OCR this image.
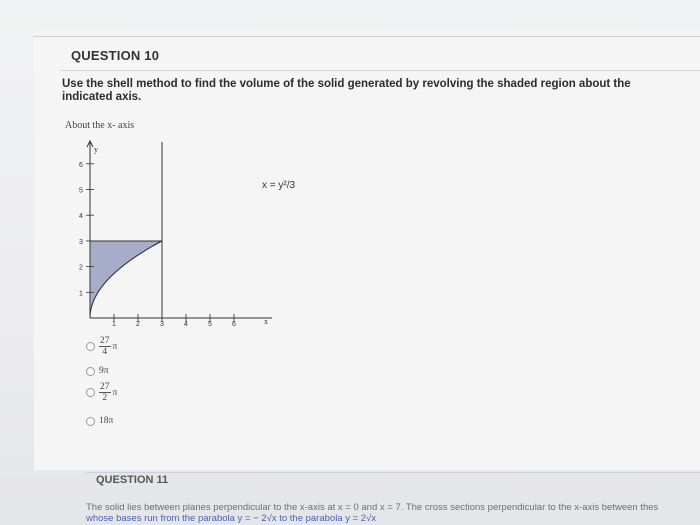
QUESTION 10
Use the shell method to find the volume of the solid generated by revolving the shaded region about the indicated axis.
About the x- axis
y
x
1
2
3
4
5
6
1	2	3	4	5	6
x = y²/3
$\frac{27}{4}$ π
9π
$\frac{27}{2}$ π
18π
QUESTION 11
The solid lies between planes perpendicular to the x-axis at x = 0 and x = 7. The cross sections perpendicular to the x-axis between thes
whose bases run from the parabola y = − 2√x to the parabola y = 2√x
